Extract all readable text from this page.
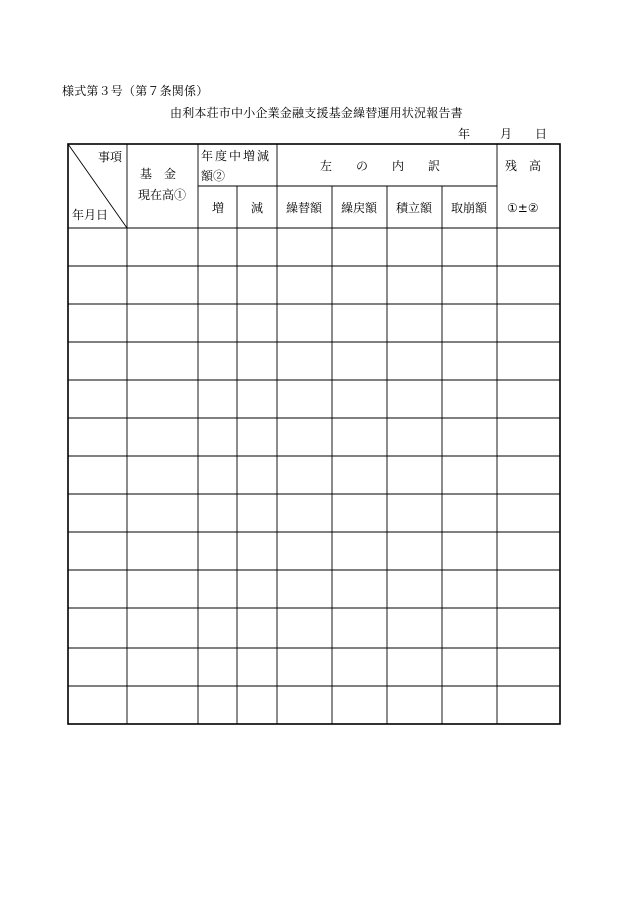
様式第３号（第７条関係）
由利本荘市中小企業金融支援基金繰替運用状況報告書
年 月 日
事項
年月日
基　金
現在高①
年度中増減
額②
増 減
左　　の　　内　　訳
繰替額 繰戻額 積立額 取崩額
残　高
①±②
